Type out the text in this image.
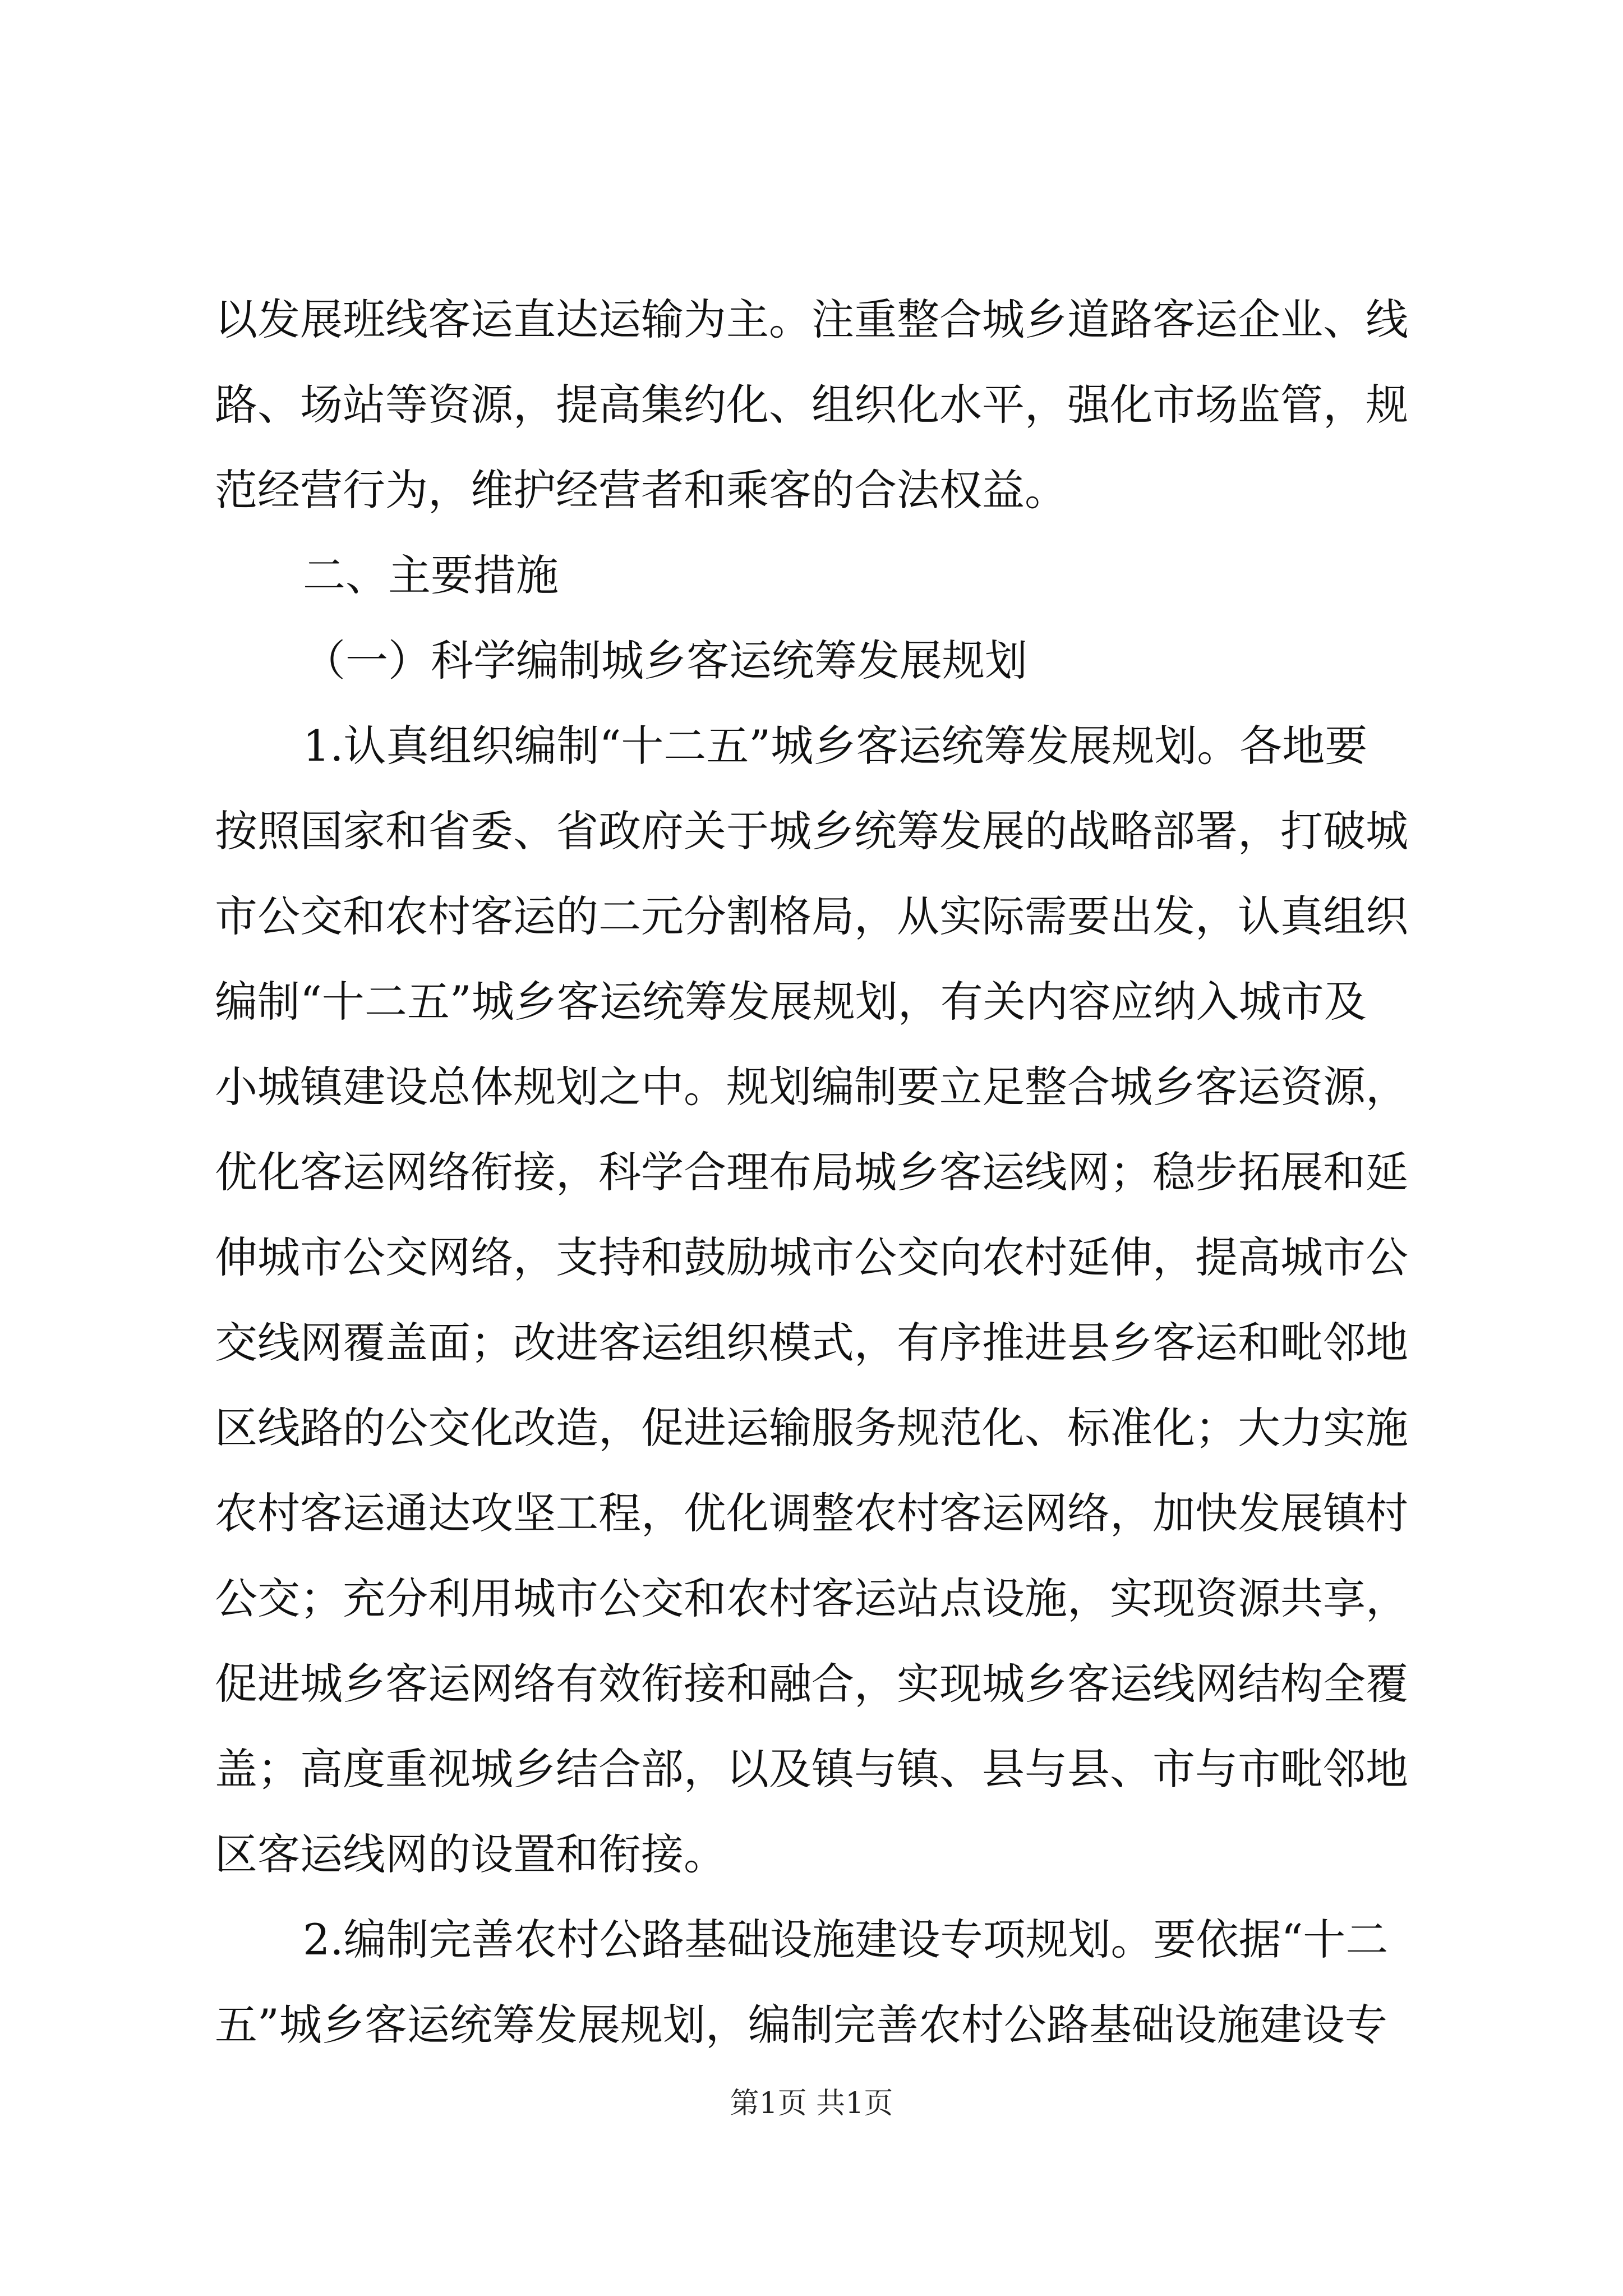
以发展班线客运直达运输为主。注重整合城乡道路客运企业、线
路、场站等资源，提高集约化、组织化水平，强化市场监管，规
范经营行为，维护经营者和乘客的合法权益。
二、主要措施
（一）科学编制城乡客运统筹发展规划
1.认真组织编制“十二五”城乡客运统筹发展规划。各地要
按照国家和省委、省政府关于城乡统筹发展的战略部署，打破城
市公交和农村客运的二元分割格局，从实际需要出发，认真组织
编制“十二五”城乡客运统筹发展规划，有关内容应纳入城市及
小城镇建设总体规划之中。规划编制要立足整合城乡客运资源，
优化客运网络衔接，科学合理布局城乡客运线网；稳步拓展和延
伸城市公交网络，支持和鼓励城市公交向农村延伸，提高城市公
交线网覆盖面；改进客运组织模式，有序推进县乡客运和毗邻地
区线路的公交化改造，促进运输服务规范化、标准化；大力实施
农村客运通达攻坚工程，优化调整农村客运网络，加快发展镇村
公交；充分利用城市公交和农村客运站点设施，实现资源共享，
促进城乡客运网络有效衔接和融合，实现城乡客运线网结构全覆
盖；高度重视城乡结合部，以及镇与镇、县与县、市与市毗邻地
区客运线网的设置和衔接。
2.编制完善农村公路基础设施建设专项规划。要依据“十二
五”城乡客运统筹发展规划，编制完善农村公路基础设施建设专
第1页 共1页
